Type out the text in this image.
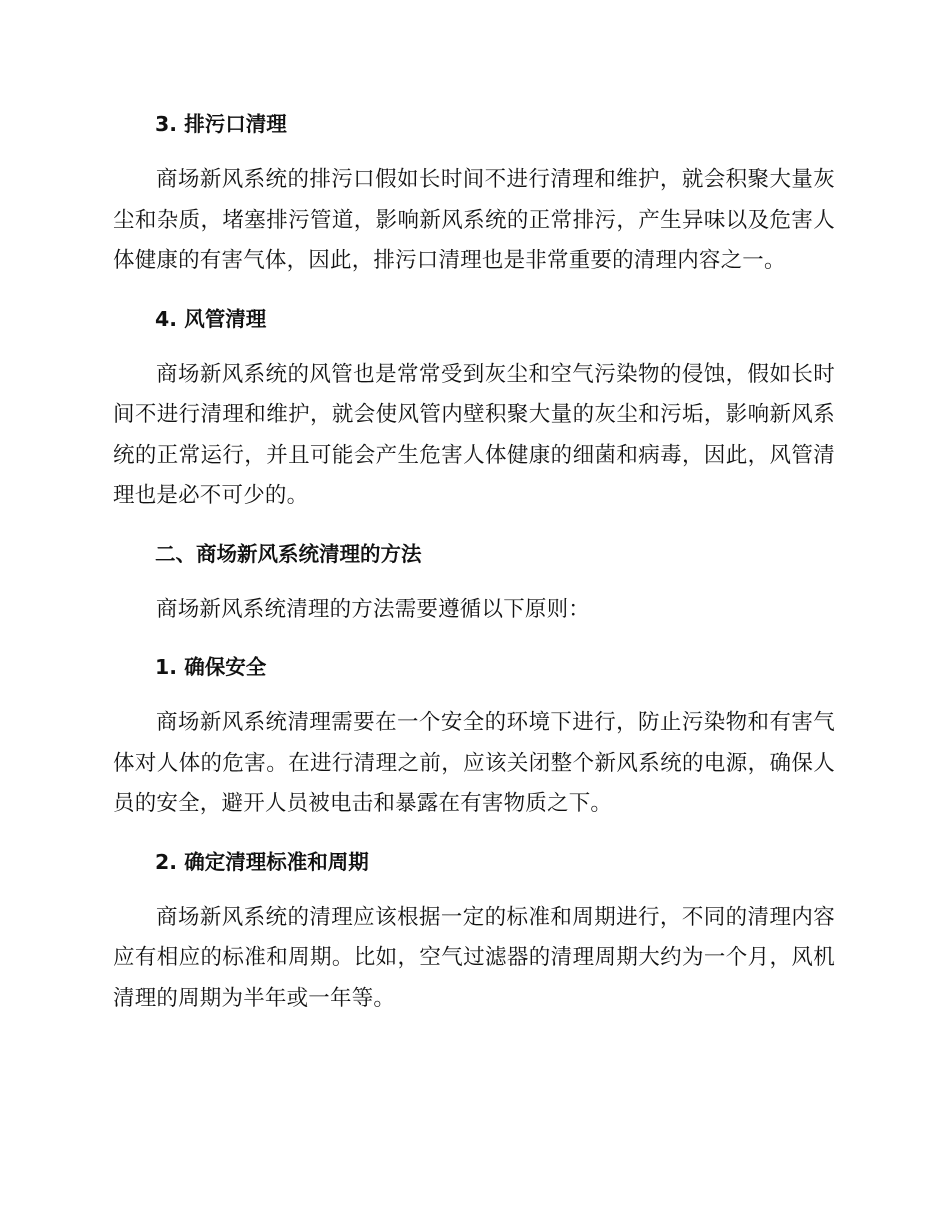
3. 排污口清理

商场新风系统的排污口假如长时间不进行清理和维护，就会积聚大量灰尘和杂质，堵塞排污管道，影响新风系统的正常排污，产生异味以及危害人体健康的有害气体，因此，排污口清理也是非常重要的清理内容之一。

4. 风管清理

商场新风系统的风管也是常常受到灰尘和空气污染物的侵蚀，假如长时间不进行清理和维护，就会使风管内壁积聚大量的灰尘和污垢，影响新风系统的正常运行，并且可能会产生危害人体健康的细菌和病毒，因此，风管清理也是必不可少的。

二、商场新风系统清理的方法

商场新风系统清理的方法需要遵循以下原则：

1. 确保安全

商场新风系统清理需要在一个安全的环境下进行，防止污染物和有害气体对人体的危害。在进行清理之前，应该关闭整个新风系统的电源，确保人员的安全，避开人员被电击和暴露在有害物质之下。

2. 确定清理标准和周期

商场新风系统的清理应该根据一定的标准和周期进行，不同的清理内容应有相应的标准和周期。比如，空气过滤器的清理周期大约为一个月，风机清理的周期为半年或一年等。
